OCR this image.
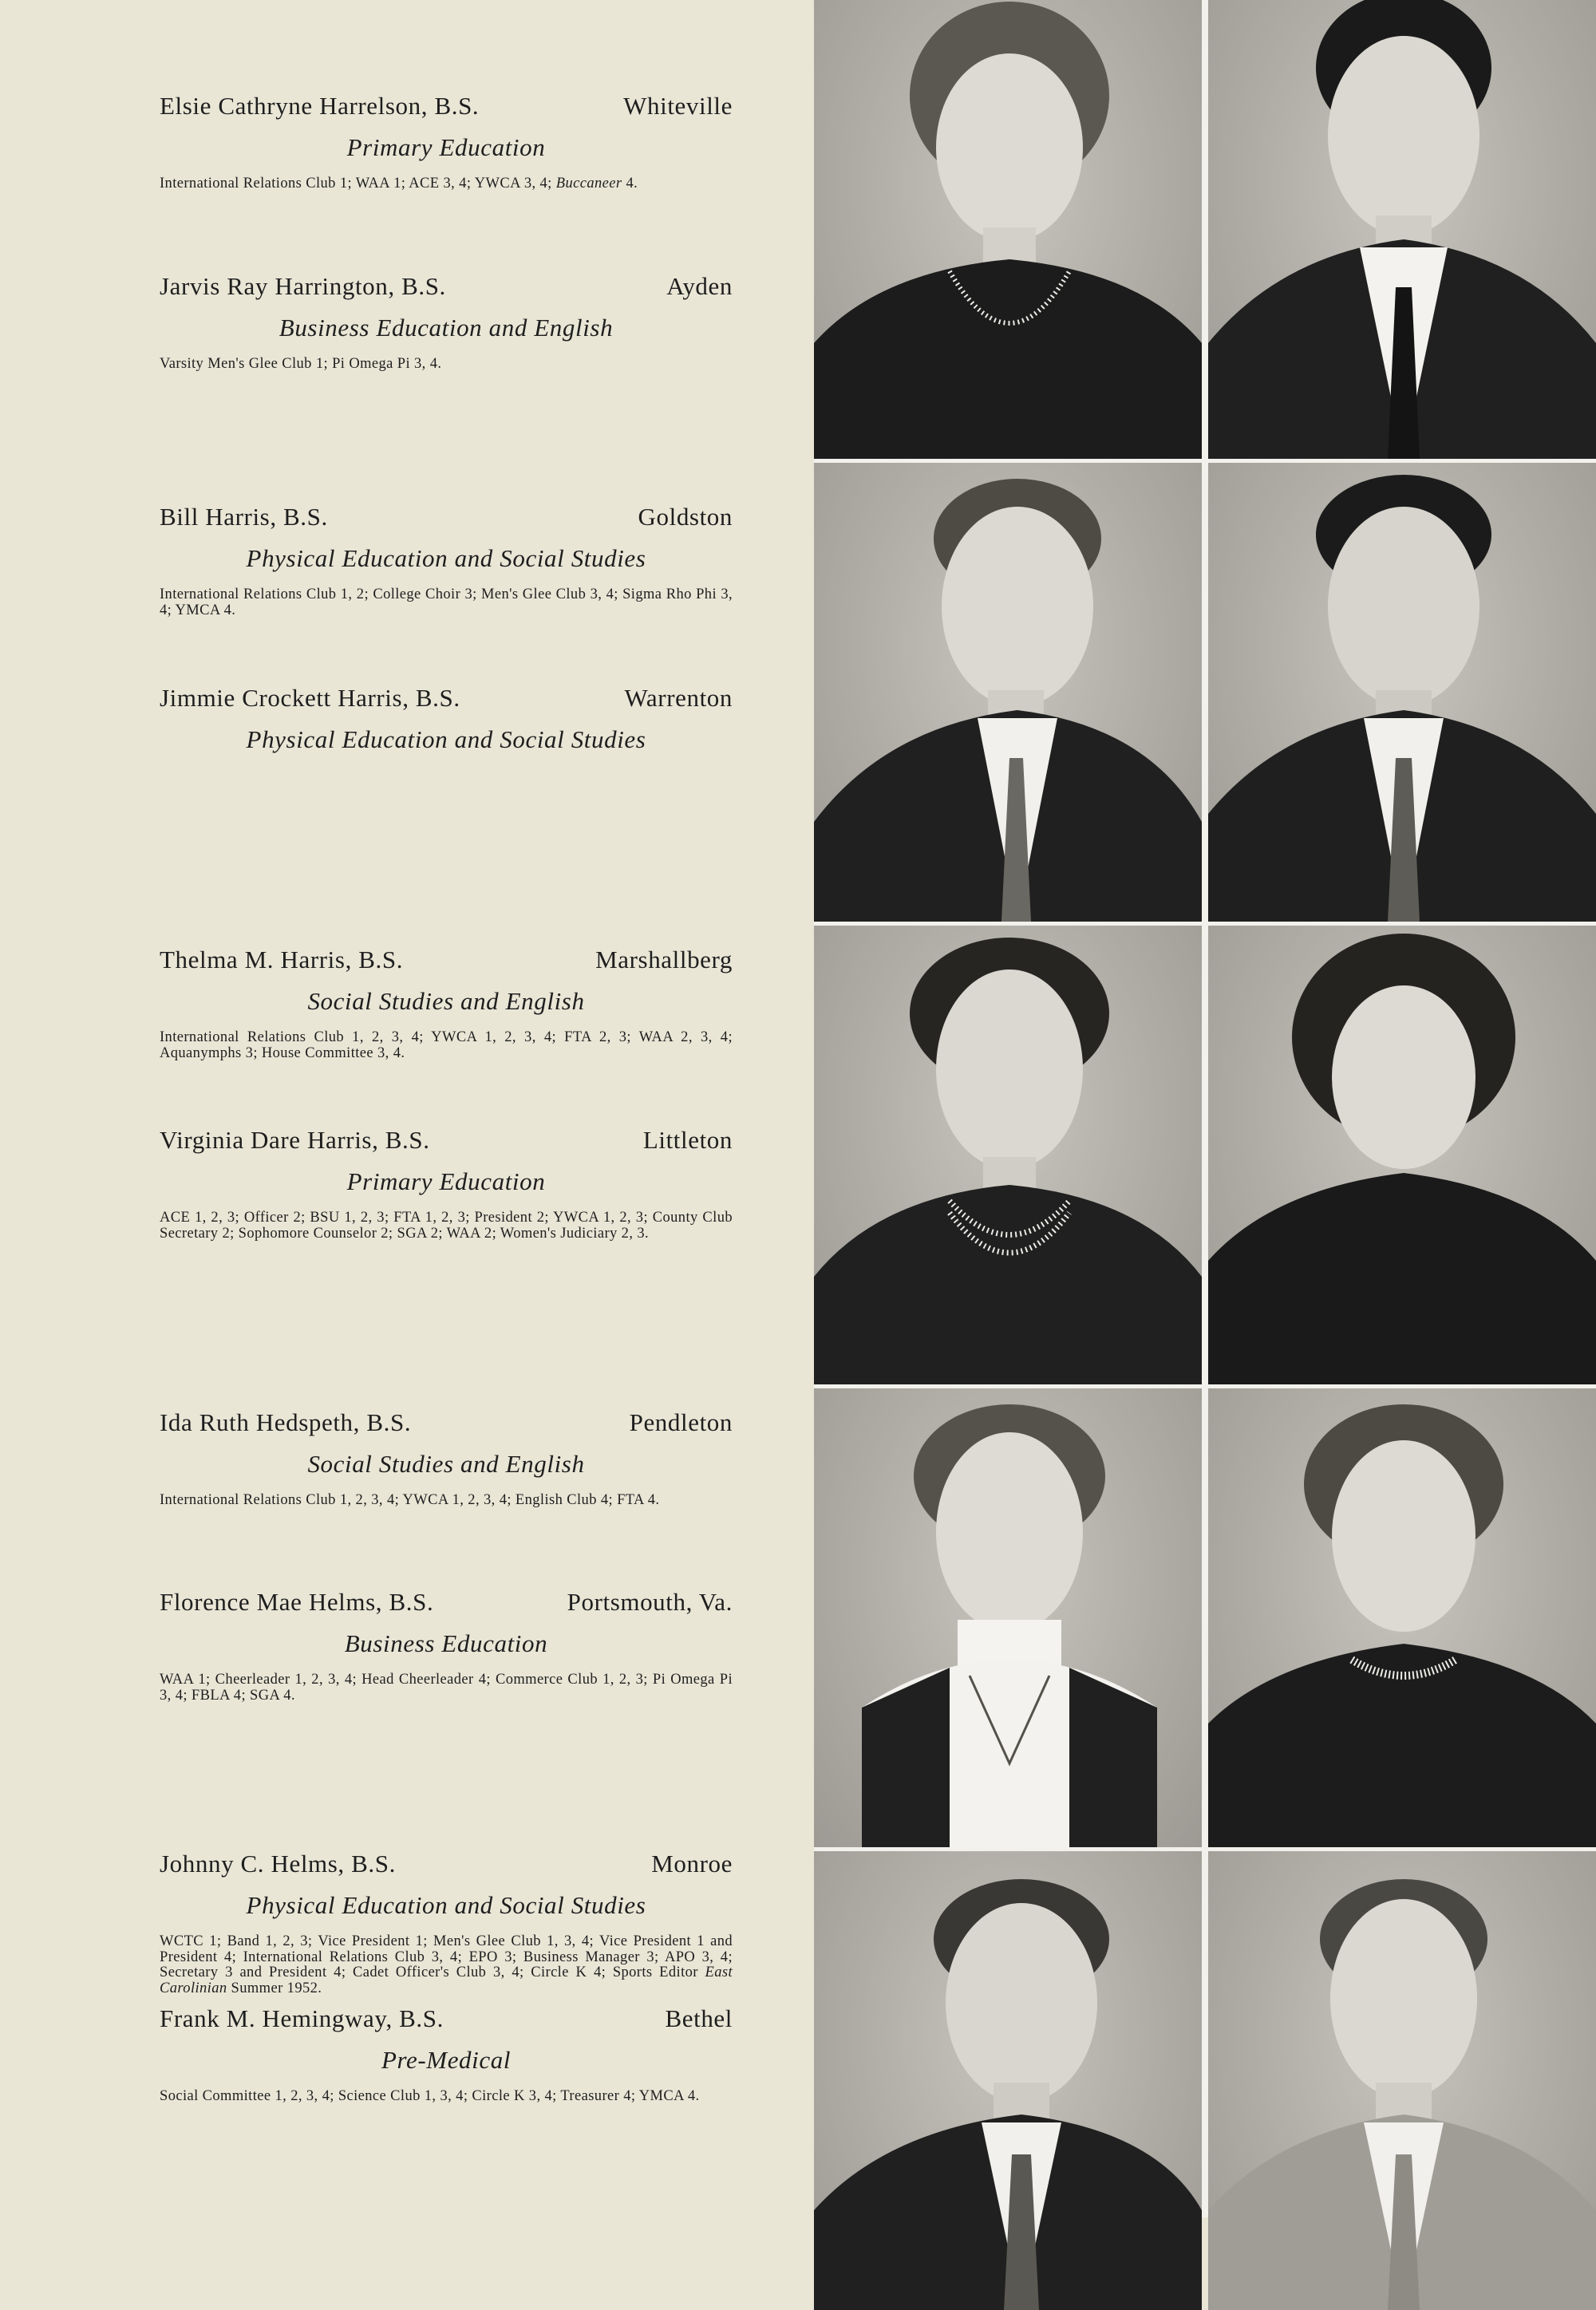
Elsie Cathryne Harrelson, B.S.	Whiteville
Primary Education
International Relations Club 1; WAA 1; ACE 3, 4; YWCA 3, 4; Buccaneer 4.
Jarvis Ray Harrington, B.S.	Ayden
Business Education and English
Varsity Men's Glee Club 1; Pi Omega Pi 3, 4.
Bill Harris, B.S.	Goldston
Physical Education and Social Studies
International Relations Club 1, 2; College Choir 3; Men's Glee Club 3, 4; Sigma Rho Phi 3, 4; YMCA 4.
Jimmie Crockett Harris, B.S.	Warrenton
Physical Education and Social Studies
Thelma M. Harris, B.S.	Marshallberg
Social Studies and English
International Relations Club 1, 2, 3, 4; YWCA 1, 2, 3, 4; FTA 2, 3; WAA 2, 3, 4; Aquanymphs 3; House Committee 3, 4.
Virginia Dare Harris, B.S.	Littleton
Primary Education
ACE 1, 2, 3; Officer 2; BSU 1, 2, 3; FTA 1, 2, 3; President 2; YWCA 1, 2, 3; County Club Secretary 2; Sophomore Counselor 2; SGA 2; WAA 2; Women's Judiciary 2, 3.
Ida Ruth Hedspeth, B.S.	Pendleton
Social Studies and English
International Relations Club 1, 2, 3, 4; YWCA 1, 2, 3, 4; English Club 4; FTA 4.
Florence Mae Helms, B.S.	Portsmouth, Va.
Business Education
WAA 1; Cheerleader 1, 2, 3, 4; Head Cheerleader 4; Commerce Club 1, 2, 3; Pi Omega Pi 3, 4; FBLA 4; SGA 4.
Johnny C. Helms, B.S.	Monroe
Physical Education and Social Studies
WCTC 1; Band 1, 2, 3; Vice President 1; Men's Glee Club 1, 3, 4; Vice President 1 and President 4; International Relations Club 3, 4; EPO 3; Business Manager 3; APO 3, 4; Secretary 3 and President 4; Cadet Officer's Club 3, 4; Circle K 4; Sports Editor East Carolinian Summer 1952.
Frank M. Hemingway, B.S.	Bethel
Pre-Medical
Social Committee 1, 2, 3, 4; Science Club 1, 3, 4; Circle K 3, 4; Treasurer 4; YMCA 4.
